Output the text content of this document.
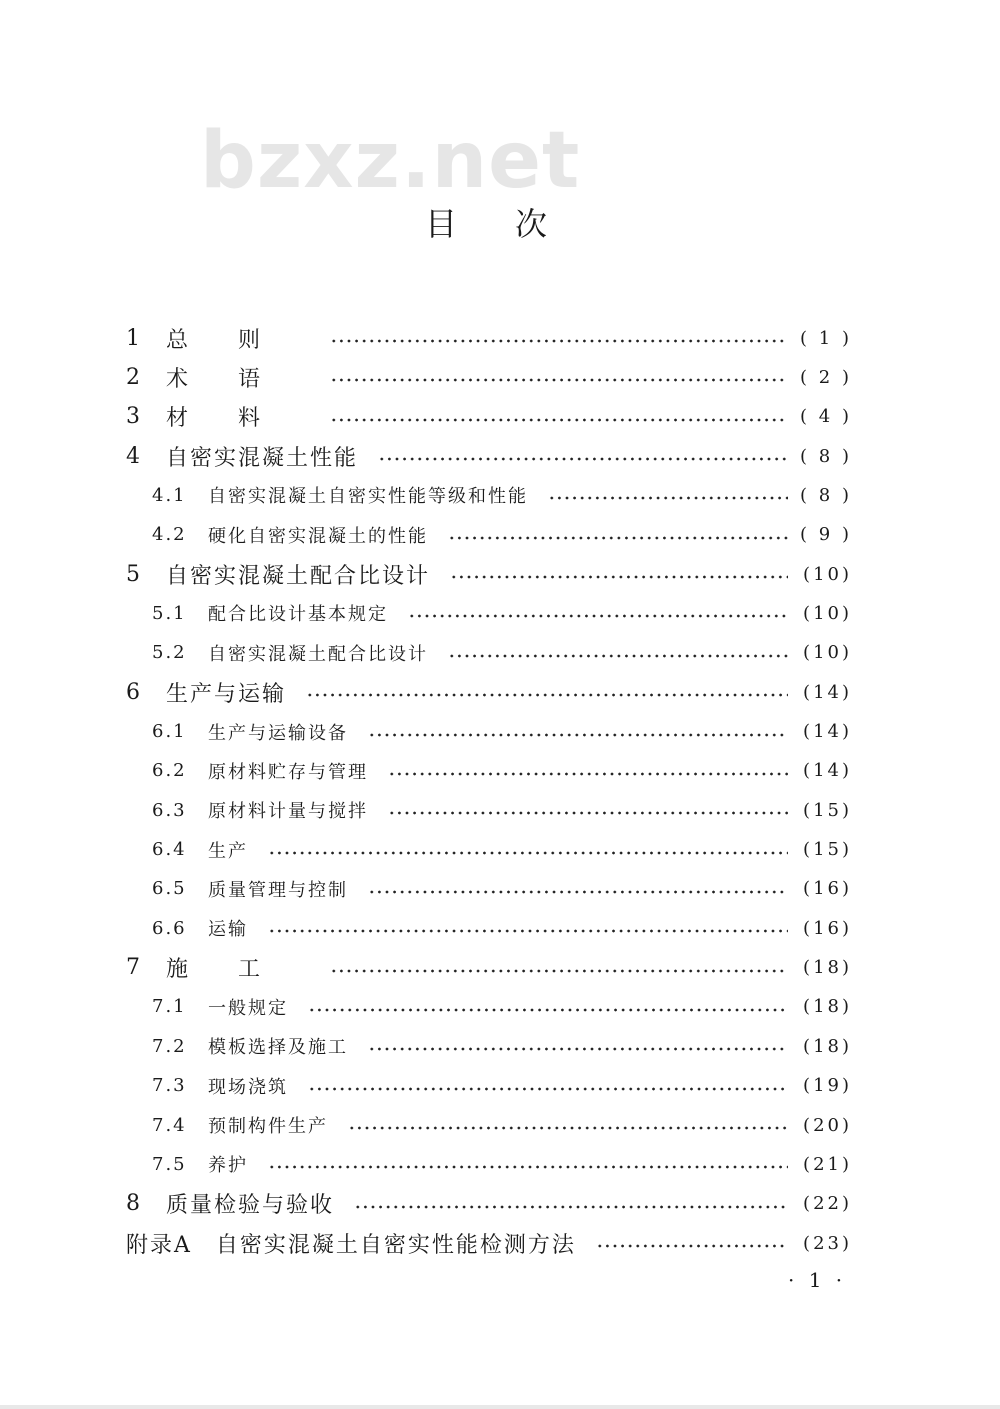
bzxz.net
目次
1	总则	( 1 )
2	术语	( 2 )
3	材料	( 4 )
4	自密实混凝土性能	( 8 )
4.1	自密实混凝土自密实性能等级和性能	( 8 )
4.2	硬化自密实混凝土的性能	( 9 )
5	自密实混凝土配合比设计	(10)
5.1	配合比设计基本规定	(10)
5.2	自密实混凝土配合比设计	(10)
6	生产与运输	(14)
6.1	生产与运输设备	(14)
6.2	原材料贮存与管理	(14)
6.3	原材料计量与搅拌	(15)
6.4	生产	(15)
6.5	质量管理与控制	(16)
6.6	运输	(16)
7	施工	(18)
7.1	一般规定	(18)
7.2	模板选择及施工	(18)
7.3	现场浇筑	(19)
7.4	预制构件生产	(20)
7.5	养护	(21)
8	质量检验与验收	(22)
附录A 自密实混凝土自密实性能检测方法	(23)
· 1 ·
